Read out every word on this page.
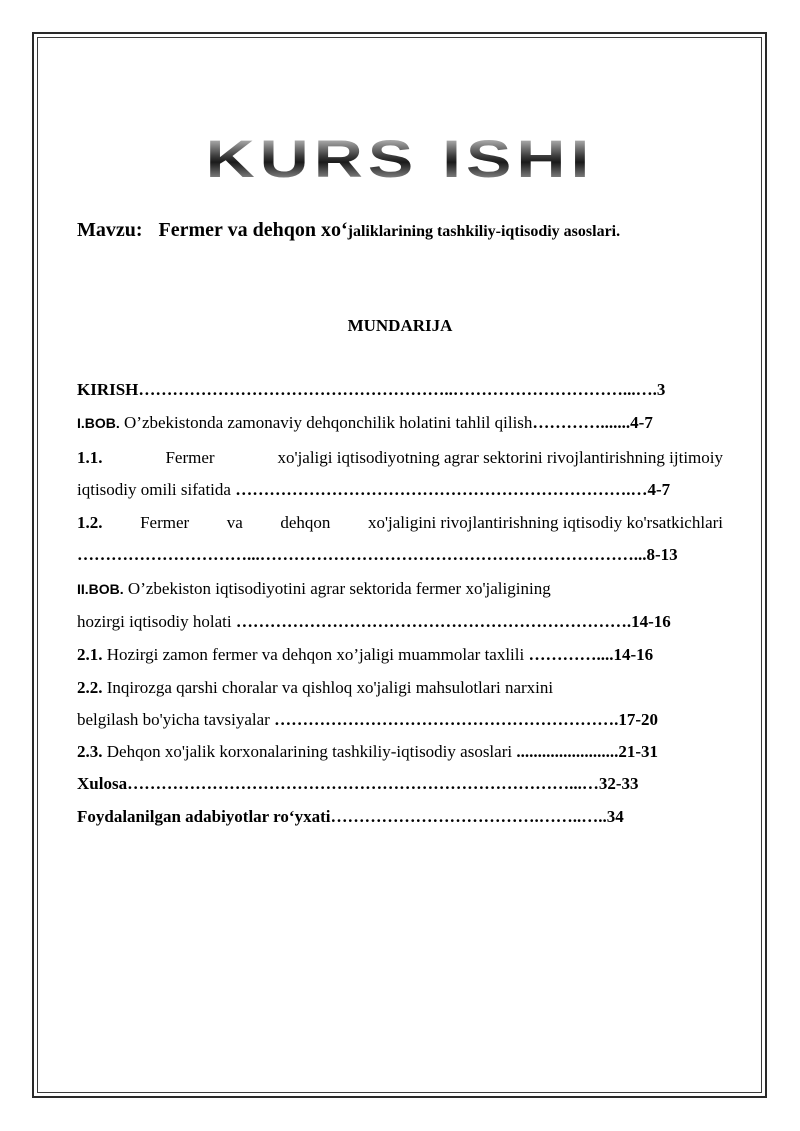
KURS ISHI
Mavzu: Fermer va dehqon xo‘jaliklarining tashkiliy-iqtisodiy asoslari.
MUNDARIJA
KIRISH………………………………………………..…………………………...….3
I.BOB. O’zbekistonda zamonaviy dehqonchilik holatini tahlil qilish………….......4-7
1.1.	Fermer	xo'jaligi iqtisodiyotning agrar sektorini rivojlantirishning ijtimoiy
iqtisodiy omili sifatida …………………………………………………………….…4-7
1.2. Fermer va dehqon xo'jaligini rivojlantirishning iqtisodiy ko'rsatkichlari
…………………………...…………………………………………………………...8-13
II.BOB. O’zbekiston iqtisodiyotini agrar sektorida fermer xo'jaligining
hozirgi iqtisodiy holati …………………………………………………………….14-16
2.1. Hozirgi zamon fermer va dehqon xo’jaligi muammolar taxlili …………....14-16
2.2. Inqirozga qarshi choralar va qishloq xo'jaligi mahsulotlari narxini
belgilash bo'yicha tavsiyalar …………………………………………………….17-20
2.3. Dehqon xo'jalik korxonalarining tashkiliy-iqtisodiy asoslari ........................21-31
Xulosa……………………………………………………………………...…32-33
Foydalanilgan adabiyotlar ro‘yxati……………………………….……..…..34
